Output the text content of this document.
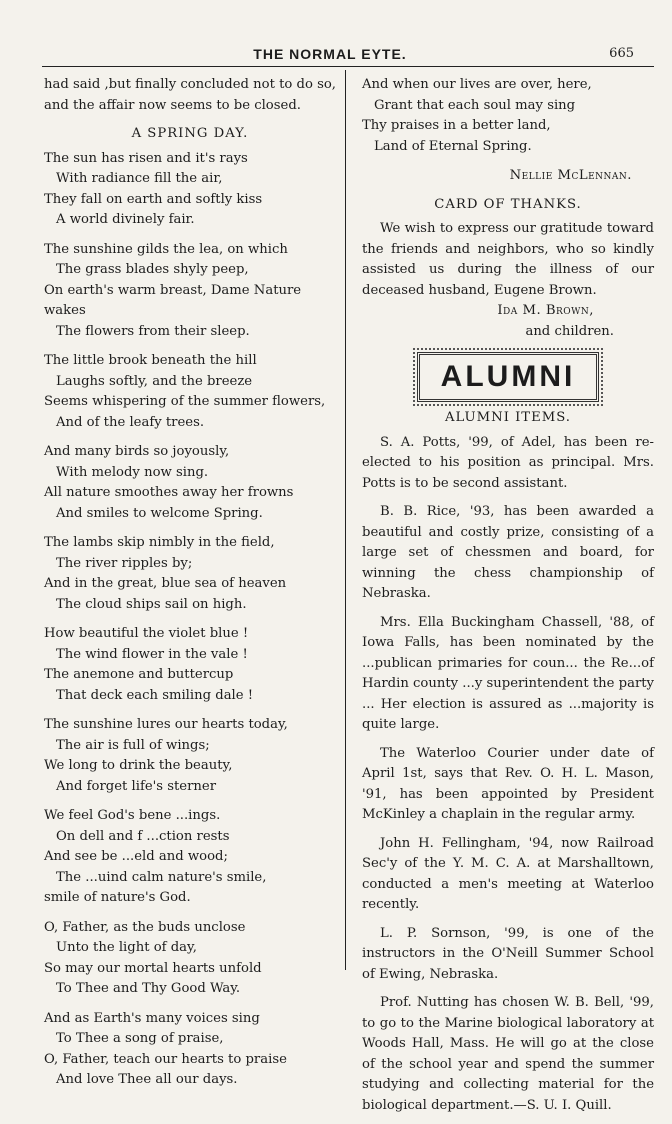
THE NORMAL EYTE.	665

had said ,but finally concluded not to do so, and the affair now seems to be closed.

A SPRING DAY.

The sun has risen and it's rays
With radiance fill the air,
They fall on earth and softly kiss
A world divinely fair.
The sunshine gilds the lea, on which
The grass blades shyly peep,
On earth's warm breast, Dame Nature wakes
The flowers from their sleep.
The little brook beneath the hill
Laughs softly, and the breeze
Seems whispering of the summer flowers,
And of the leafy trees.
And many birds so joyously,
With melody now sing.
All nature smoothes away her frowns
And smiles to welcome Spring.
The lambs skip nimbly in the field,
The river ripples by;
And in the great, blue sea of heaven
The cloud ships sail on high.
How beautiful the violet blue !
The wind flower in the vale !
The anemone and buttercup
That deck each smiling dale !
The sunshine lures our hearts today,
The air is full of wings;
We long to drink the beauty,
And forget life's sterner
We feel God's bene ...ings.
On dell and f ...ction rests
And see be ...eld and wood;
The ...uind calm nature's smile,
smile of nature's God.
O, Father, as the buds unclose
Unto the light of day,
So may our mortal hearts unfold
To Thee and Thy Good Way.
And as Earth's many voices sing
To Thee a song of praise,
O, Father, teach our hearts to praise
And love Thee all our days.
And when our lives are over, here,
Grant that each soul may sing
Thy praises in a better land,
Land of Eternal Spring.

Nellie McLennan.

CARD OF THANKS.

We wish to express our gratitude toward the friends and neighbors, who so kindly assisted us during the illness of our deceased husband, Eugene Brown.

Ida M. Brown,

and children.

ALUMNI

ALUMNI ITEMS.

S. A. Potts, '99, of Adel, has been re-elected to his position as principal. Mrs. Potts is to be second assistant.

B. B. Rice, '93, has been awarded a beautiful and costly prize, consisting of a large set of chessmen and board, for winning the chess championship of Nebraska.

Mrs. Ella Buckingham Chassell, '88, of Iowa Falls, has been nominated by the ...publican primaries for coun... the Re...of Hardin county ...y superintendent the party ... Her election is assured as ...majority is quite large.

The Waterloo Courier under date of April 1st, says that Rev. O. H. L. Mason, '91, has been appointed by President McKinley a chaplain in the regular army.

John H. Fellingham, '94, now Railroad Sec'y of the Y. M. C. A. at Marshalltown, conducted a men's meeting at Waterloo recently.

L. P. Sornson, '99, is one of the instructors in the O'Neill Summer School of Ewing, Nebraska.

Prof. Nutting has chosen W. B. Bell, '99, to go to the Marine biological laboratory at Woods Hall, Mass. He will go at the close of the school year and spend the summer studying and collecting material for the biological department.—S. U. I. Quill.
